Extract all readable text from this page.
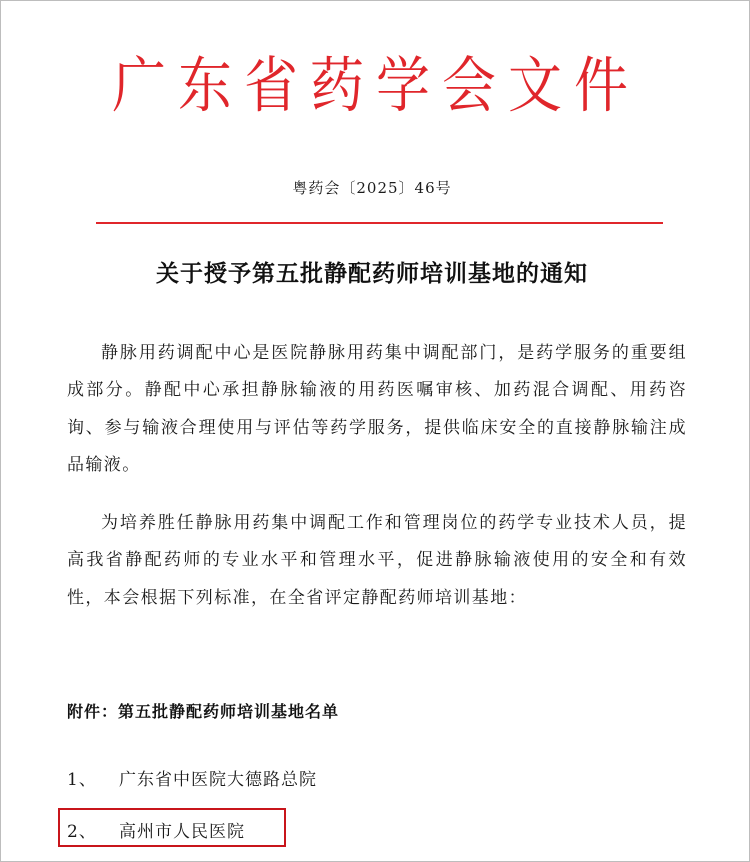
广东省药学会文件
粤药会〔2025〕46号
关于授予第五批静配药师培训基地的通知
静脉用药调配中心是医院静脉用药集中调配部门，是药学服务的重要组成部分。静配中心承担静脉输液的用药医嘱审核、加药混合调配、用药咨询、参与输液合理使用与评估等药学服务，提供临床安全的直接静脉输注成品输液。
为培养胜任静脉用药集中调配工作和管理岗位的药学专业技术人员，提高我省静配药师的专业水平和管理水平，促进静脉输液使用的安全和有效性，本会根据下列标准，在全省评定静配药师培训基地：
附件：第五批静配药师培训基地名单
1、 广东省中医院大德路总院
2、 高州市人民医院
